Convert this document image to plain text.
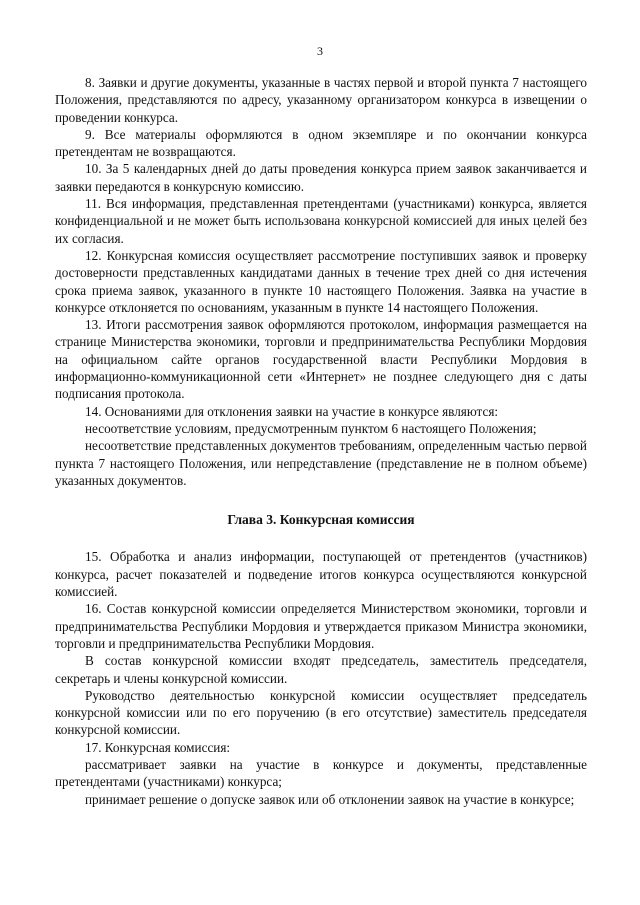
3

8. Заявки и другие документы, указанные в частях первой и второй пункта 7 настоящего Положения, представляются по адресу, указанному организатором конкурса в извещении о проведении конкурса.

9. Все материалы оформляются в одном экземпляре и по окончании конкурса претендентам не возвращаются.

10. За 5 календарных дней до даты проведения конкурса прием заявок заканчивается и заявки передаются в конкурсную комиссию.

11. Вся информация, представленная претендентами (участниками) конкурса, является конфиденциальной и не может быть использована конкурсной комиссией для иных целей без их согласия.

12. Конкурсная комиссия осуществляет рассмотрение поступивших заявок и проверку достоверности представленных кандидатами данных в течение трех дней со дня истечения срока приема заявок, указанного в пункте 10 настоящего Положения. Заявка на участие в конкурсе отклоняется по основаниям, указанным в пункте 14 настоящего Положения.

13. Итоги рассмотрения заявок оформляются протоколом, информация размещается на странице Министерства экономики, торговли и предпринимательства Республики Мордовия на официальном сайте органов государственной власти Республики Мордовия в информационно-коммуникационной сети «Интернет» не позднее следующего дня с даты подписания протокола.

14. Основаниями для отклонения заявки на участие в конкурсе являются:

несоответствие условиям, предусмотренным пунктом 6 настоящего Положения;

несоответствие представленных документов требованиям, определенным частью первой пункта 7 настоящего Положения, или непредставление (представление не в полном объеме) указанных документов.

Глава 3. Конкурсная комиссия

15. Обработка и анализ информации, поступающей от претендентов (участников) конкурса, расчет показателей и подведение итогов конкурса осуществляются конкурсной комиссией.

16. Состав конкурсной комиссии определяется Министерством экономики, торговли и предпринимательства Республики Мордовия и утверждается приказом Министра экономики, торговли и предпринимательства Республики Мордовия.

В состав конкурсной комиссии входят председатель, заместитель председателя, секретарь и члены конкурсной комиссии.

Руководство деятельностью конкурсной комиссии осуществляет председатель конкурсной комиссии или по его поручению (в его отсутствие) заместитель председателя конкурсной комиссии.

17. Конкурсная комиссия:

рассматривает заявки на участие в конкурсе и документы, представленные претендентами (участниками) конкурса;

принимает решение о допуске заявок или об отклонении заявок на участие в конкурсе;
